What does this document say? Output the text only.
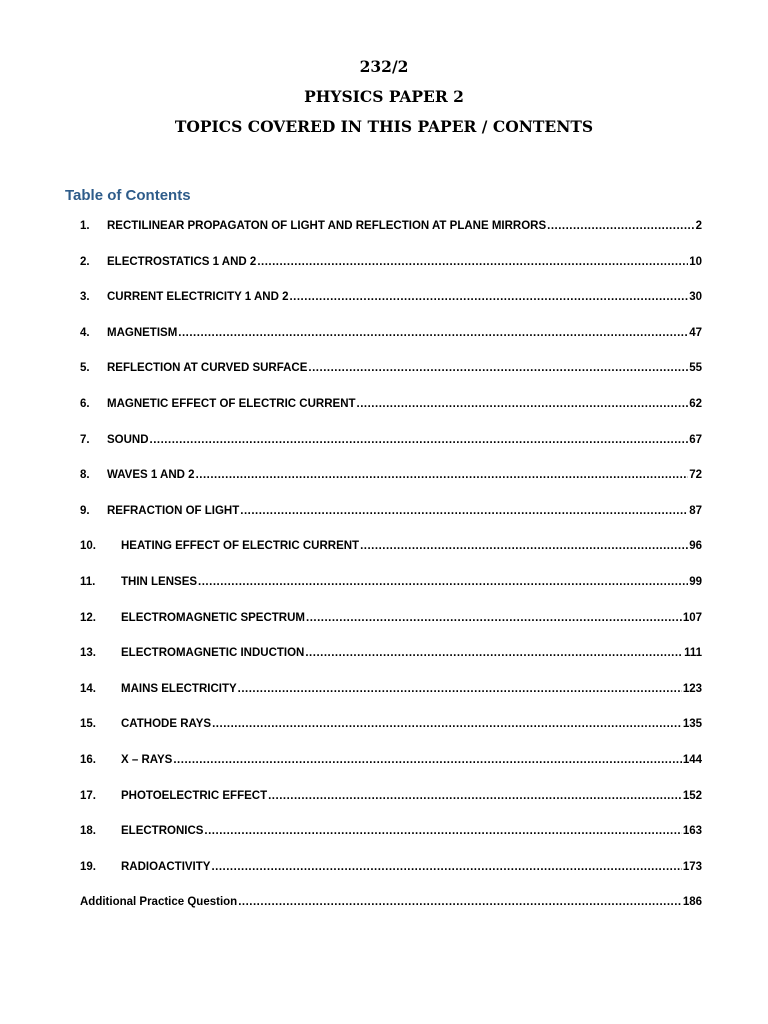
232/2
PHYSICS PAPER 2
TOPICS COVERED IN THIS PAPER / CONTENTS
Table of Contents
1.	RECTILINEAR PROPAGATON OF LIGHT AND REFLECTION AT PLANE MIRRORS .....	2
2.	ELECTROSTATICS 1 AND 2 .....	10
3.	CURRENT ELECTRICITY 1 AND 2 .....	30
4.	MAGNETISM .....	47
5.	REFLECTION AT CURVED SURFACE .....	55
6.	MAGNETIC EFFECT OF ELECTRIC CURRENT .....	62
7.	SOUND .....	67
8.	WAVES 1 AND 2 .....	72
9.	REFRACTION OF LIGHT .....	87
10.	HEATING EFFECT OF ELECTRIC CURRENT .....	96
11.	THIN LENSES .....	99
12.	ELECTROMAGNETIC SPECTRUM .....	107
13.	ELECTROMAGNETIC INDUCTION .....	111
14.	MAINS ELECTRICITY .....	123
15.	CATHODE RAYS .....	135
16.	X – RAYS .....	144
17.	PHOTOELECTRIC EFFECT .....	152
18.	ELECTRONICS .....	163
19.	RADIOACTIVITY .....	173
Additional Practice Question .....	186
